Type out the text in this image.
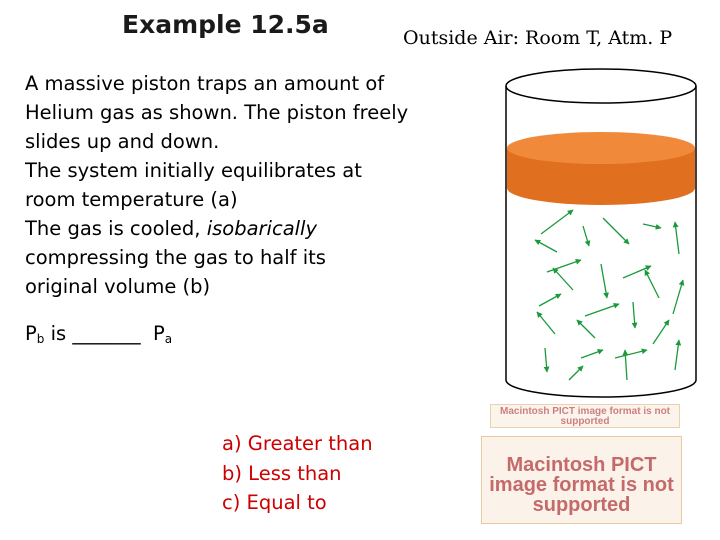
Example 12.5a	Outside Air: Room T, Atm. P
A massive piston traps an amount of
Helium gas as shown. The piston freely
slides up and down.
The system initially equilibrates at
room temperature (a)
The gas is cooled, isobarically
compressing the gas to half its
original volume (b)
$P_b$ is _______  $P_a$
a) Greater than
b) Less than
c) Equal to
Macintosh PICT image format is not supported
Macintosh PICT image format is not supported
